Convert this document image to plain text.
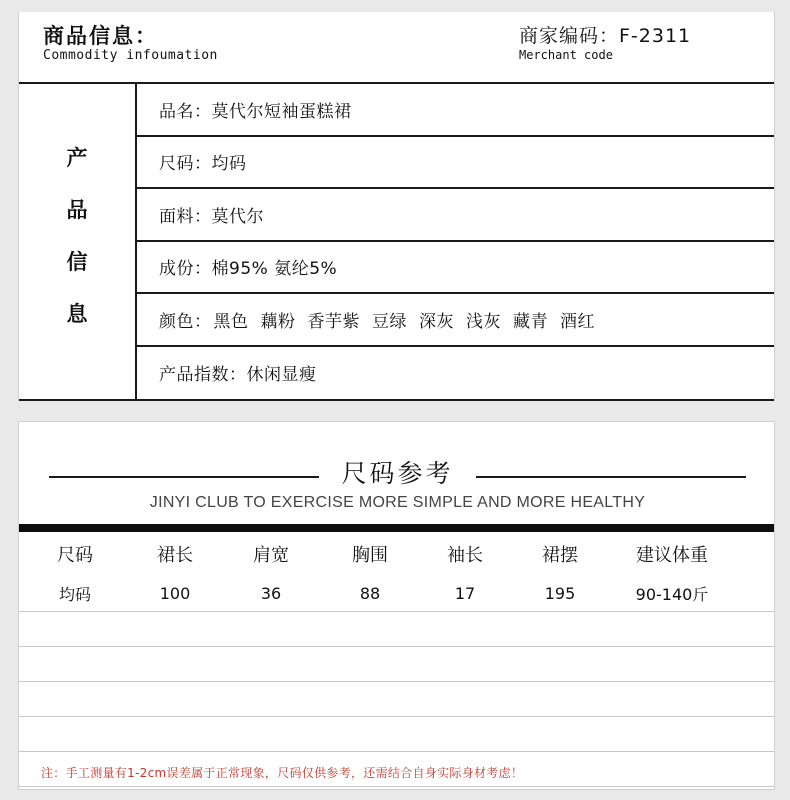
商品信息：
Commodity infoumation
商家编码：F-2311
Merchant code
产
品
信
息
品名：莫代尔短袖蛋糕裙
尺码：均码
面料：莫代尔
成份：棉95% 氨纶5%
颜色： 黑色 藕粉 香芋紫 豆绿 深灰 浅灰 藏青 酒红
产品指数：休闲显瘦
尺码参考
JINYI CLUB TO EXERCISE MORE SIMPLE AND MORE HEALTHY
尺码	裙长	肩宽	胸围	袖长	裙摆	建议体重
均码	100	36	88	17	195	90-140斤
注：手工测量有1-2cm误差属于正常现象，尺码仅供参考，还需结合自身实际身材考虑！
